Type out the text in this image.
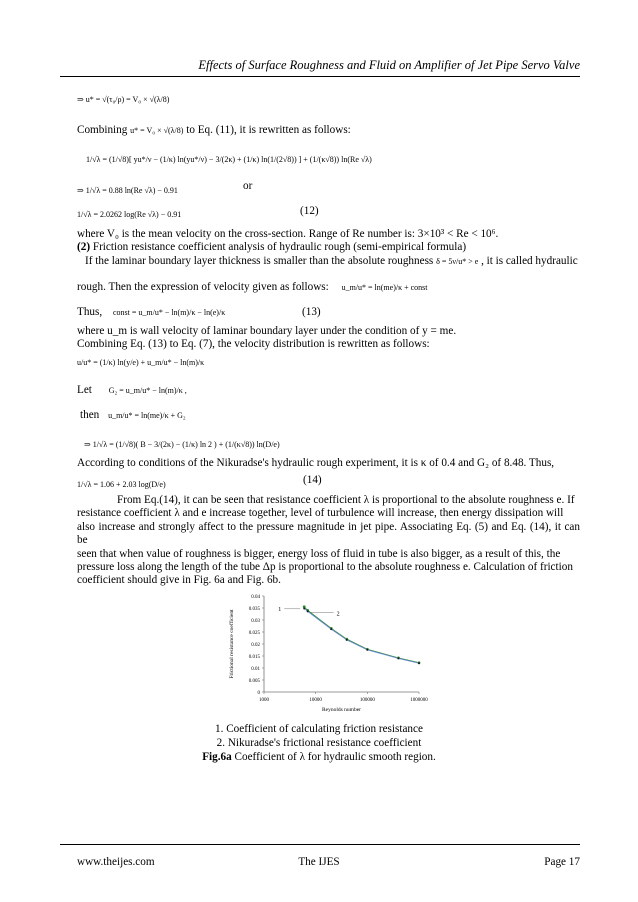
Effects of Surface Roughness and Fluid on Amplifier of Jet Pipe Servo Valve
⇒ u* = √(τ₀/ρ) = V₀ × √(λ/8)
Combining u* = V₀ × √(λ/8) to Eq. (11), it is rewritten as follows:
1/√λ = (1/√8)[ yu*/ν − (1/κ) ln(yu*/ν) − 3/(2κ) + (1/κ) ln(1/(2√8)) ] + (1/(κ√8)) ln(Re √λ)
⇒ 1/√λ = 0.88 ln(Re √λ) − 0.91	or
1/√λ = 2.0262 log(Re √λ) − 0.91	(12)
where V₀ is the mean velocity on the cross-section. Range of Re number is: 3×10³ < Re < 10⁶.
(2) Friction resistance coefficient analysis of hydraulic rough (semi-empirical formula)
If the laminar boundary layer thickness is smaller than the absolute roughness δ = 5ν/u* > e , it is called hydraulic
rough. Then the expression of velocity given as follows: u_m/u* = ln(me)/κ + const
Thus, const = u_m/u* − ln(m)/κ − ln(e)/κ	(13)
where u_m is wall velocity of laminar boundary layer under the condition of y = me.
Combining Eq. (13) to Eq. (7), the velocity distribution is rewritten as follows:
u/u* = (1/κ) ln(y/e) + u_m/u* − ln(m)/κ
Let G₂ = u_m/u* − ln(m)/κ ,
then u_m/u* = ln(me)/κ + G₂
⇒ 1/√λ = (1/√8)( B − 3/(2κ) − (1/κ) ln 2 ) + (1/(κ√8)) ln(D/e)
According to conditions of the Nikuradse's hydraulic rough experiment, it is κ of 0.4 and G₂ of 8.48. Thus,
1/√λ = 1.06 + 2.03 log(D/e)	(14)
From Eq.(14), it can be seen that resistance coefficient λ is proportional to the absolute roughness e. If
resistance coefficient λ and e increase together, level of turbulence will increase, then energy dissipation will
also increase and strongly affect to the pressure magnitude in jet pipe. Associating Eq. (5) and Eq. (14), it can be
seen that when value of roughness is bigger, energy loss of fluid in tube is also bigger, as a result of this, the
pressure loss along the length of the tube Δp is proportional to the absolute roughness e. Calculation of friction
coefficient should give in Fig. 6a and Fig. 6b.
0
0.005
0.01
0.015
0.02
0.025
0.03
0.035
0.04
1000	10000	100000	1000000
Reynolds number
Frictional resistance coefficient	1
2
1. Coefficient of calculating friction resistance
2. Nikuradse's frictional resistance coefficient
Fig.6a Coefficient of λ for hydraulic smooth region.
www.theijes.com	The IJES	Page 17
